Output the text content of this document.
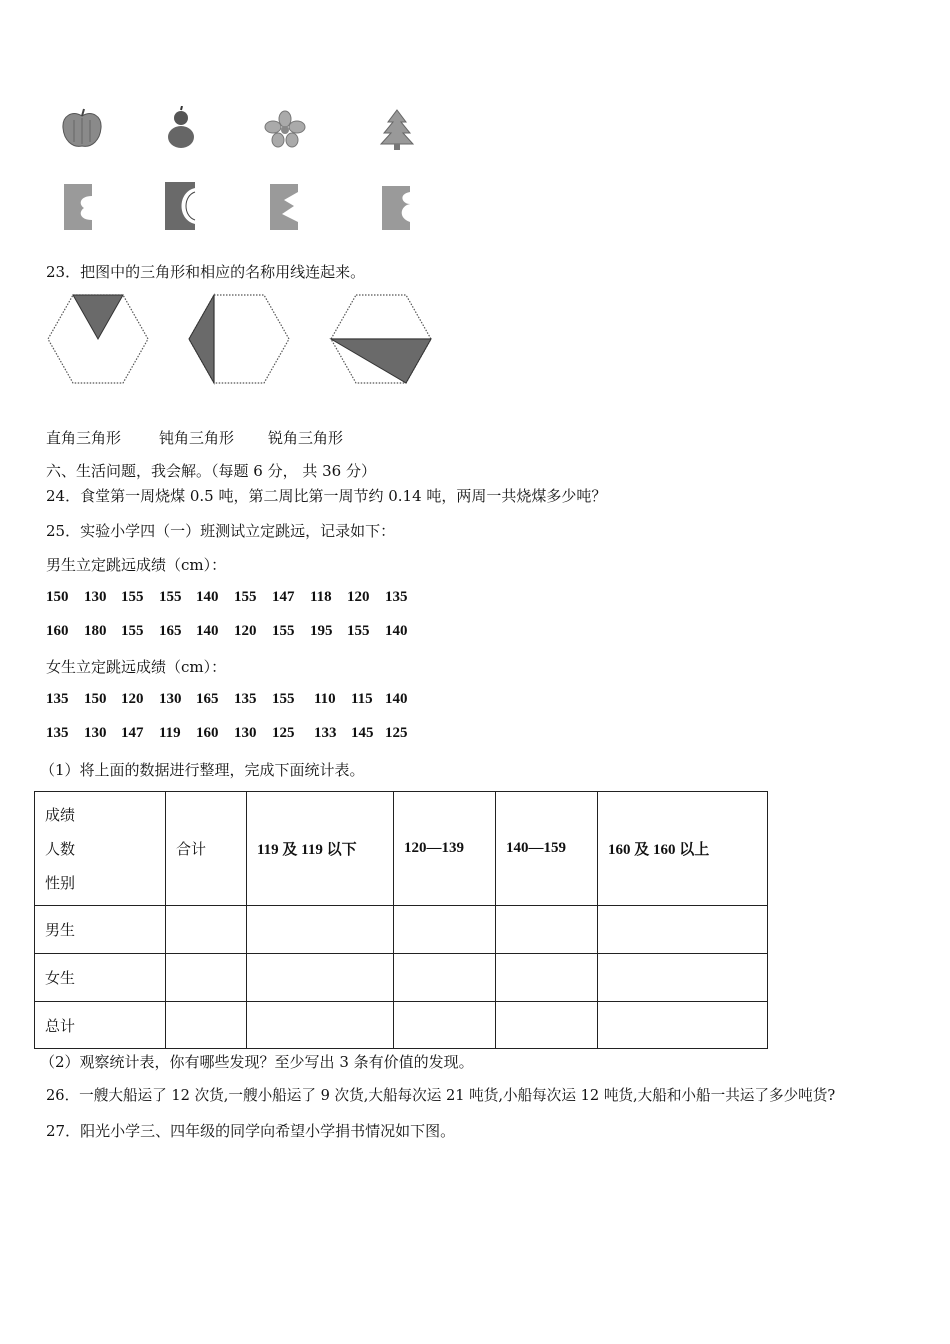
23．把图中的三角形和相应的名称用线连起来。
直角三角形	钝角三角形 锐角三角形
六、生活问题，我会解。（每题 6 分， 共 36 分）
24．食堂第一周烧煤 0.5 吨，第二周比第一周节约 0.14 吨，两周一共烧煤多少吨？
25．实验小学四（一）班测试立定跳远，记录如下：
男生立定跳远成绩（cm）：
150 130 155 155 140 155 147 118 120 135
160 180 155 165 140 120 155 195 155 140
女生立定跳远成绩（cm）：
135 150 120 130 165 135 155 110 115 140
135 130 147 119 160 130 125 133 145 125
（1）将上面的数据进行整理，完成下面统计表。
成绩
人数
性别	合计	119 及 119 以下	120—139	140—159	160 及 160 以上
男生					
女生					
总计					
（2）观察统计表，你有哪些发现？至少写出 3 条有价值的发现。
26．一艘大船运了 12 次货,一艘小船运了 9 次货,大船每次运 21 吨货,小船每次运 12 吨货,大船和小船一共运了多少吨货?
27．阳光小学三、四年级的同学向希望小学捐书情况如下图。
